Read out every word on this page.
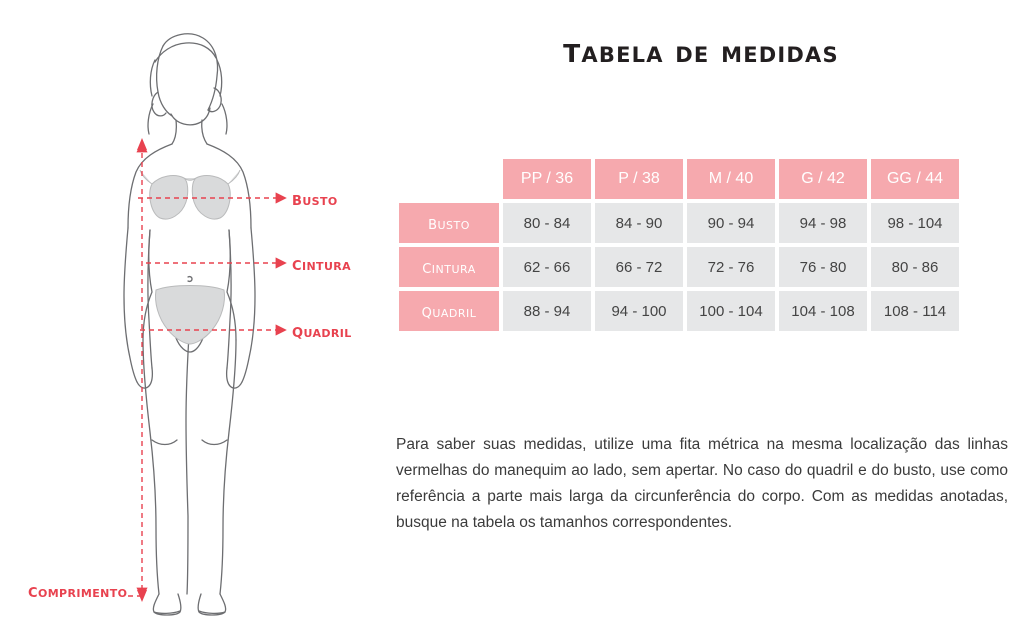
busto
cintura
quadril
comprimento
tabela de medidas
	PP / 36	P / 38	M / 40	G / 42	GG / 44
busto	80 - 84	84 - 90	90 - 94	94 - 98	98 - 104
cintura	62 - 66	66 - 72	72 - 76	76 - 80	80 - 86
quadril	88 - 94	94 - 100	100 - 104	104 - 108	108 - 114
Para saber suas medidas, utilize uma fita métrica na mesma localização das linhas vermelhas do manequim ao lado, sem apertar. No caso do quadril e do busto, use como referência a parte mais larga da circunferência do corpo. Com as medidas anotadas, busque na tabela os tamanhos correspondentes.
